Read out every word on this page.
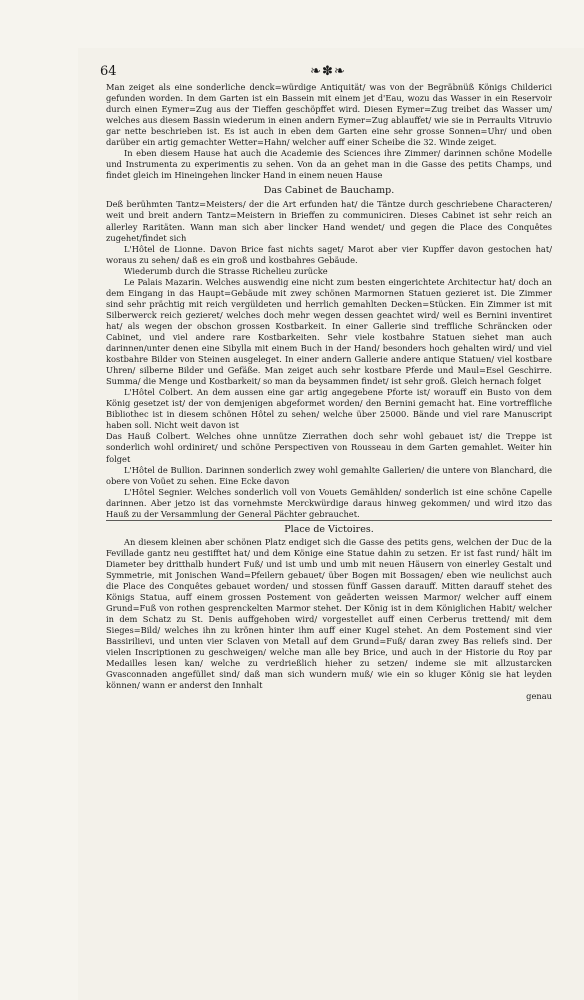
64	❧✽❧

Man zeiget als eine sonderliche denck=würdige Antiquität/ was von der Begräbnüß Königs Childerici gefunden worden. In dem Garten ist ein Bassein mit einem jet d'Eau, wozu das Wasser in ein Reservoir durch einen Eymer=Zug aus der Tieffen geschöpffet wird. Diesen Eymer=Zug treibet das Wasser um/ welches aus diesem Bassin wiederum in einen andern Eymer=Zug ablauffet/ wie sie in Perraults Vitruvio gar nette beschrieben ist. Es ist auch in eben dem Garten eine sehr grosse Sonnen=Uhr/ und oben darüber ein artig gemachter Wetter=Hahn/ welcher auff einer Scheibe die 32. Winde zeiget.

In eben diesem Hause hat auch die Academie des Sciences ihre Zimmer/ darinnen schöne Modelle und Instrumenta zu experimentis zu sehen. Von da an gehet man in die Gasse des petits Champs, und findet gleich im Hineingehen lincker Hand in einem neuen Hause

Das Cabinet de Bauchamp.

Deß berühmten Tantz=Meisters/ der die Art erfunden hat/ die Täntze durch geschriebene Characteren/ weit und breit andern Tantz=Meistern in Brieffen zu communiciren. Dieses Cabinet ist sehr reich an allerley Raritäten. Wann man sich aber lincker Hand wendet/ und gegen die Place des Conquêtes zugehet/findet sich

L'Hôtel de Lionne. Davon Brice fast nichts saget/ Marot aber vier Kupffer davon gestochen hat/ woraus zu sehen/ daß es ein groß und kostbahres Gebäude.

Wiederumb durch die Strasse Richelieu zurücke

Le Palais Mazarin. Welches auswendig eine nicht zum besten eingerichtete Architectur hat/ doch an dem Eingang in das Haupt=Gebäude mit zwey schönen Marmornen Statuen gezieret ist. Die Zimmer sind sehr prächtig mit reich vergüldeten und herrlich gemahlten Decken=Stücken. Ein Zimmer ist mit Silberwerck reich gezieret/ welches doch mehr wegen dessen geachtet wird/ weil es Bernini inventiret hat/ als wegen der obschon grossen Kostbarkeit. In einer Gallerie sind treffliche Schräncken oder Cabinet, und viel andere rare Kostbarkeiten. Sehr viele kostbahre Statuen siehet man auch darinnen/unter denen eine Sibylla mit einem Buch in der Hand/ besonders hoch gehalten wird/ und viel kostbahre Bilder von Steinen ausgeleget. In einer andern Gallerie andere antique Statuen/ viel kostbare Uhren/ silberne Bilder und Gefäße. Man zeiget auch sehr kostbare Pferde und Maul=Esel Geschirre. Summa/ die Menge und Kostbarkeit/ so man da beysammen findet/ ist sehr groß. Gleich hernach folget

L'Hôtel Colbert. An dem aussen eine gar artig angegebene Pforte ist/ worauff ein Busto von dem König gesetzet ist/ der von demjenigen abgeformet worden/ den Bernini gemacht hat. Eine vortreffliche Bibliothec ist in diesem schönen Hôtel zu sehen/ welche über 25000. Bände und viel rare Manuscript haben soll. Nicht weit davon ist

Das Hauß Colbert. Welches ohne unnütze Zierrathen doch sehr wohl gebauet ist/ die Treppe ist sonderlich wohl ordiniret/ und schöne Perspectiven von Rousseau in dem Garten gemahlet. Weiter hin folget

L'Hôtel de Bullion. Darinnen sonderlich zwey wohl gemahlte Gallerien/ die untere von Blanchard, die obere von Voüet zu sehen. Eine Ecke davon

L'Hôtel Segnier. Welches sonderlich voll von Vouets Gemählden/ sonderlich ist eine schöne Capelle darinnen. Aber jetzo ist das vornehmste Merckwürdige daraus hinweg gekommen/ und wird itzo das Hauß zu der Versammlung der General Pächter gebrauchet.

Place de Victoires.

An diesem kleinen aber schönen Platz endiget sich die Gasse des petits gens, welchen der Duc de la Fevillade gantz neu gestifftet hat/ und dem Könige eine Statue dahin zu setzen. Er ist fast rund/ hält im Diameter bey dritthalb hundert Fuß/ und ist umb und umb mit neuen Häusern von einerley Gestalt und Symmetrie, mit Jonischen Wand=Pfeilern gebauet/ über Bogen mit Bossagen/ eben wie neulichst auch die Place des Conquêtes gebauet worden/ und stossen fünff Gassen darauff. Mitten darauff stehet des Königs Statua, auff einem grossen Postement von geäderten weissen Marmor/ welcher auff einem Grund=Fuß von rothen gesprenckelten Marmor stehet. Der König ist in dem Königlichen Habit/ welcher in dem Schatz zu St. Denis auffgehoben wird/ vorgestellet auff einen Cerberus trettend/ mit dem Sieges=Bild/ welches ihn zu krönen hinter ihm auff einer Kugel stehet. An dem Postement sind vier Bassirilievi, und unten vier Sclaven von Metall auf dem Grund=Fuß/ daran zwey Bas reliefs sind. Der vielen Inscriptionen zu geschweigen/ welche man alle bey Brice, und auch in der Historie du Roy par Medailles lesen kan/ welche zu verdrießlich hieher zu setzen/ indeme sie mit allzustarcken Gvasconnaden angefüllet sind/ daß man sich wundern muß/ wie ein so kluger König sie hat leyden können/ wann er anderst den Innhalt

genau
